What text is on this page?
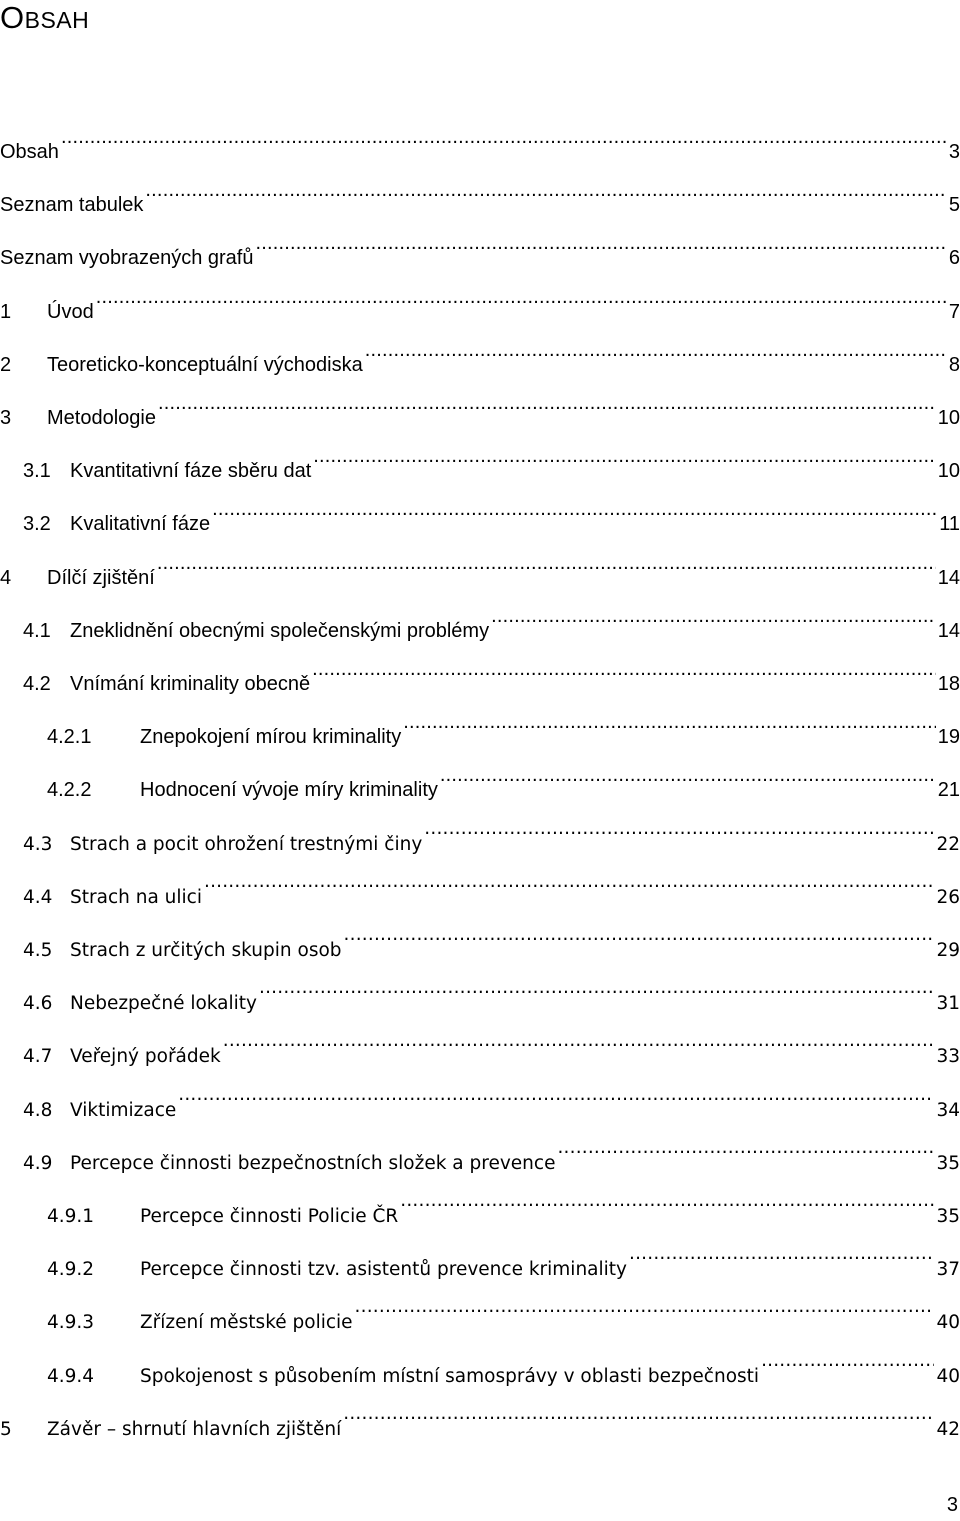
OBSAH
Obsah .....	3
Seznam tabulek .....	5
Seznam vyobrazených grafů .....	6
1	Úvod .....	7
2	Teoreticko-konceptuální východiska .....	8
3	Metodologie .....	10
3.1 Kvantitativní fáze sběru dat .....	10
3.2 Kvalitativní fáze .....	11
4	Dílčí zjištění .....	14
4.1 Zneklidnění obecnými společenskými problémy .....	14
4.2 Vnímání kriminality obecně .....	18
4.2.1	Znepokojení mírou kriminality .....	19
4.2.2	Hodnocení vývoje míry kriminality .....	21
4.3 Strach a pocit ohrožení trestnými činy .....	22
4.4 Strach na ulici .....	26
4.5 Strach z určitých skupin osob .....	29
4.6 Nebezpečné lokality .....	31
4.7 Veřejný pořádek .....	33
4.8 Viktimizace .....	34
4.9 Percepce činnosti bezpečnostních složek a prevence .....	35
4.9.1	Percepce činnosti Policie ČR .....	35
4.9.2	Percepce činnosti tzv. asistentů prevence kriminality .....	37
4.9.3	Zřízení městské policie .....	40
4.9.4	Spokojenost s působením místní samosprávy v oblasti bezpečnosti .....	40
5	Závěr – shrnutí hlavních zjištění .....	42
3
